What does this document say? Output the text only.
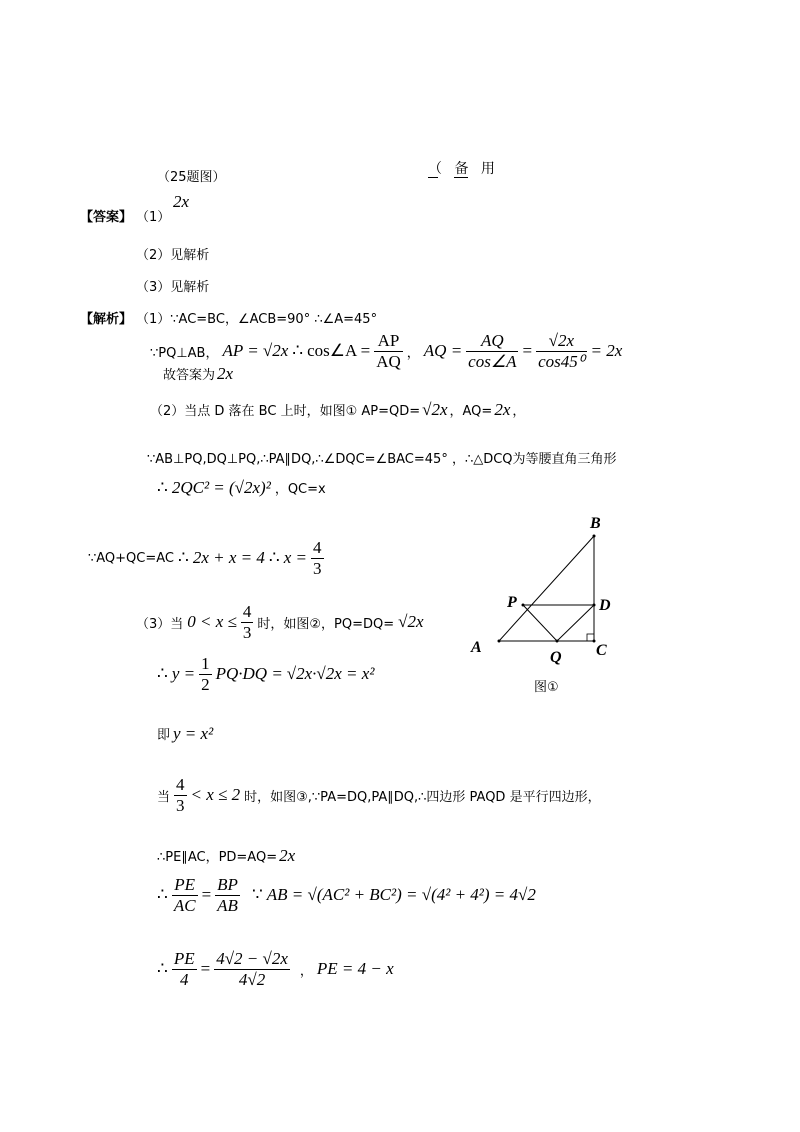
（25题图）
（ 备 用
【答案】 （1）
2x
（2）见解析
（3）见解析
【解析】 （1）∵AC=BC，∠ACB=90° ∴∠A=45°
∵PQ⊥AB， AP = √2x ∴ cos∠A = $\frac{AP}{AQ}$ ， AQ = $\frac{AQ}{\cos\angle A} = \frac{√2x}{\text{cos45⁰}} = 2x$
故答案为 2x
（2）当点 D 落在 BC 上时，如图① AP=QD= √2x ，AQ= 2x ，
∵AB⊥PQ,DQ⊥PQ,∴PA∥DQ,∴∠DQC=∠BAC=45° ，∴△DCQ为等腰直角三角形
∴ 2QC² = (√2x)² ，QC=x
∵AQ+QC=AC ∴ 2x + x = 4 ∴ $x = \frac{4}{3}$
（3）当 $0 < x \le \frac{4}{3}$ 时，如图②，PQ=DQ= √2x
∴ $y = \frac{1}{2} PQ\cdot DQ = √2x\cdot√2x = x^2$
即 y = x²
当 $\frac{4}{3} < x \le 2$ 时，如图③,∵PA=DQ,PA∥DQ,∴四边形 PAQD 是平行四边形，
∴PE∥AC，PD=AQ= 2x
∴ $\frac{PE}{AC} = \frac{BP}{AB}$ ∵ AB = √(AC² + BC²) = √(4² + 4²) = 4√2
∴ $\frac{PE}{4} = \frac{4√2 - √2x}{4√2}$ ， PE = 4 − x
B
P	D
A
Q C
图①
